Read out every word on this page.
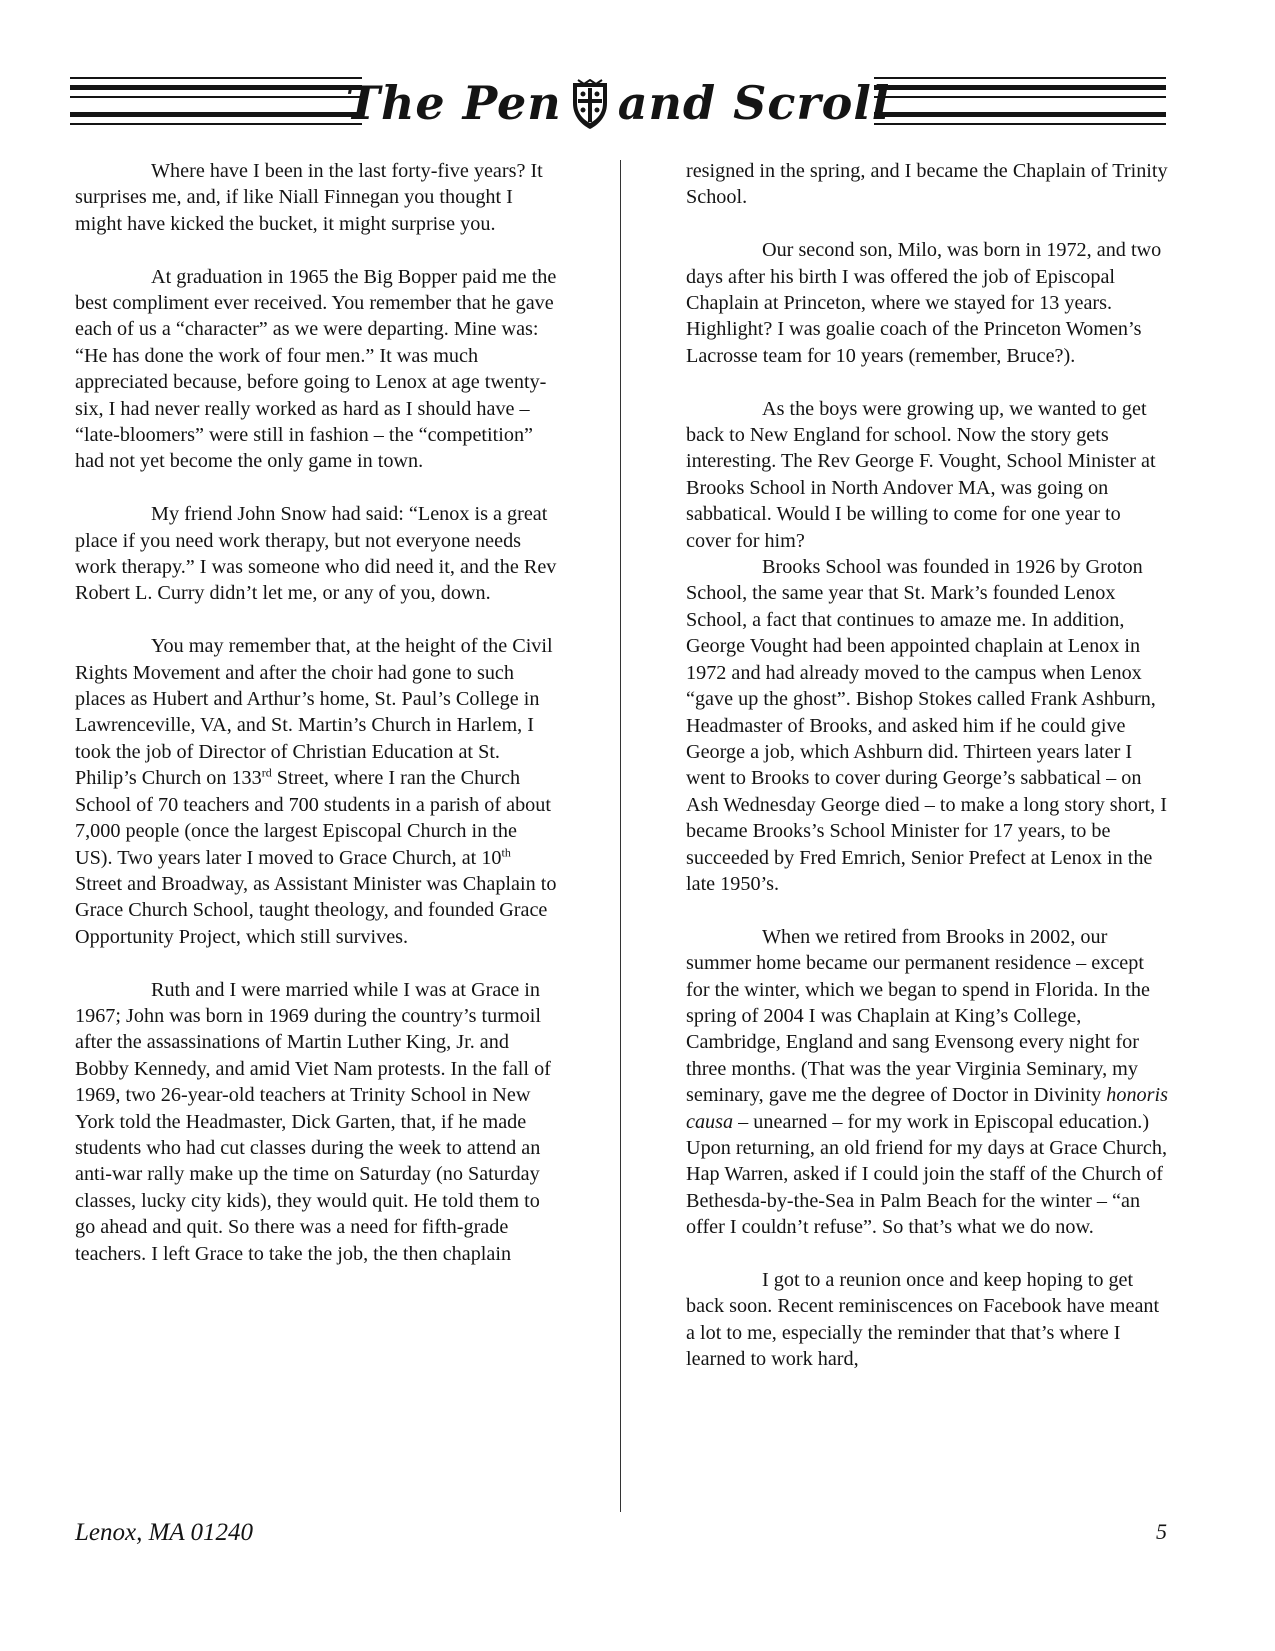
The Pen and Scroll

Where have I been in the last forty-five years? It surprises me, and, if like Niall Finnegan you thought I might have kicked the bucket, it might surprise you.

At graduation in 1965 the Big Bopper paid me the best compliment ever received. You remember that he gave each of us a “character” as we were departing. Mine was: “He has done the work of four men.” It was much appreciated because, before going to Lenox at age twenty-six, I had never really worked as hard as I should have – “late-bloomers” were still in fashion – the “competition” had not yet become the only game in town.

My friend John Snow had said: “Lenox is a great place if you need work therapy, but not everyone needs work therapy.” I was someone who did need it, and the Rev Robert L. Curry didn’t let me, or any of you, down.

You may remember that, at the height of the Civil Rights Movement and after the choir had gone to such places as Hubert and Arthur’s home, St. Paul’s College in Lawrenceville, VA, and St. Martin’s Church in Harlem, I took the job of Director of Christian Education at St. Philip’s Church on 133rd Street, where I ran the Church School of 70 teachers and 700 students in a parish of about 7,000 people (once the largest Episcopal Church in the US). Two years later I moved to Grace Church, at 10th Street and Broadway, as Assistant Minister was Chaplain to Grace Church School, taught theology, and founded Grace Opportunity Project, which still survives.

Ruth and I were married while I was at Grace in 1967; John was born in 1969 during the country’s turmoil after the assassinations of Martin Luther King, Jr. and Bobby Kennedy, and amid Viet Nam protests. In the fall of 1969, two 26-year-old teachers at Trinity School in New York told the Headmaster, Dick Garten, that, if he made students who had cut classes during the week to attend an anti-war rally make up the time on Saturday (no Saturday classes, lucky city kids), they would quit. He told them to go ahead and quit. So there was a need for fifth-grade teachers. I left Grace to take the job, the then chaplain

resigned in the spring, and I became the Chaplain of Trinity School.

Our second son, Milo, was born in 1972, and two days after his birth I was offered the job of Episcopal Chaplain at Princeton, where we stayed for 13 years. Highlight? I was goalie coach of the Princeton Women’s Lacrosse team for 10 years (remember, Bruce?).

As the boys were growing up, we wanted to get back to New England for school. Now the story gets interesting. The Rev George F. Vought, School Minister at Brooks School in North Andover MA, was going on sabbatical. Would I be willing to come for one year to cover for him?

Brooks School was founded in 1926 by Groton School, the same year that St. Mark’s founded Lenox School, a fact that continues to amaze me. In addition, George Vought had been appointed chaplain at Lenox in 1972 and had already moved to the campus when Lenox “gave up the ghost”. Bishop Stokes called Frank Ashburn, Headmaster of Brooks, and asked him if he could give George a job, which Ashburn did. Thirteen years later I went to Brooks to cover during George’s sabbatical – on Ash Wednesday George died – to make a long story short, I became Brooks’s School Minister for 17 years, to be succeeded by Fred Emrich, Senior Prefect at Lenox in the late 1950’s.

When we retired from Brooks in 2002, our summer home became our permanent residence – except for the winter, which we began to spend in Florida. In the spring of 2004 I was Chaplain at King’s College, Cambridge, England and sang Evensong every night for three months. (That was the year Virginia Seminary, my seminary, gave me the degree of Doctor in Divinity honoris causa – unearned – for my work in Episcopal education.) Upon returning, an old friend for my days at Grace Church, Hap Warren, asked if I could join the staff of the Church of Bethesda-by-the-Sea in Palm Beach for the winter – “an offer I couldn’t refuse”. So that’s what we do now.

I got to a reunion once and keep hoping to get back soon. Recent reminiscences on Facebook have meant a lot to me, especially the reminder that that’s where I learned to work hard,

Lenox, MA 01240	5
